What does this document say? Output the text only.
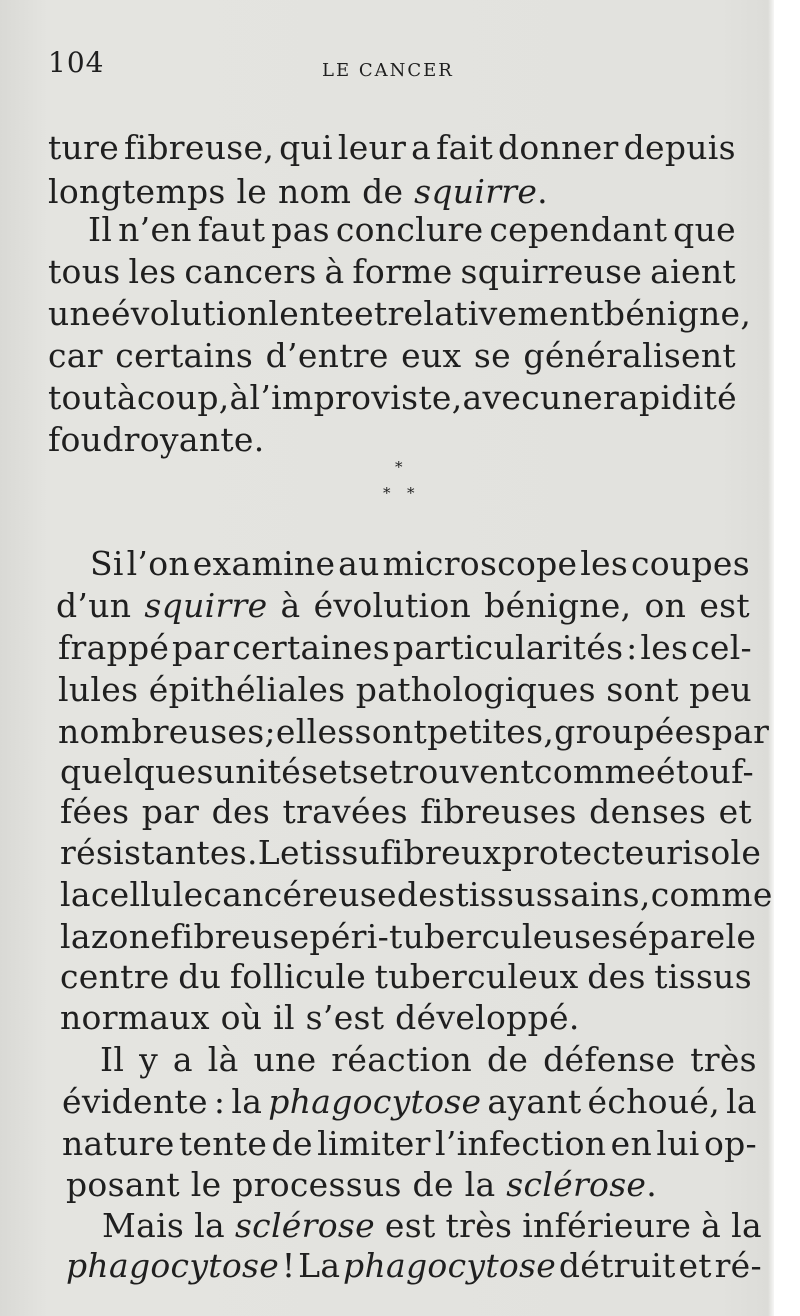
104	LE CANCER
ture fibreuse, qui leur a fait donner depuis
longtemps le nom de squirre.
Il n’en faut pas conclure cependant que
tous les cancers à forme squirreuse aient
une évolution lente et relativement bénigne,
car certains d’entre eux se généralisent
tout à coup, à l’improviste, avec une rapidité
foudroyante.
Si l’on examine au microscope les coupes
d’un squirre à évolution bénigne, on est
frappé par certaines particularités : les cel-
lules épithéliales pathologiques sont peu
nombreuses ; elles sont petites, groupées par
quelques unités et se trouvent comme étouf-
fées par des travées fibreuses denses et
résistantes. Le tissu fibreux protecteur isole
la cellule cancéreuse des tissus sains, comme
la zone fibreuse péri-tuberculeuse sépare le
centre du follicule tuberculeux des tissus
normaux où il s’est développé.
Il y a là une réaction de défense très
évidente : la phagocytose ayant échoué, la
nature tente de limiter l’infection en lui op-
posant le processus de la sclérose.
Mais la sclérose est très inférieure à la
phagocytose ! La phagocytose détruit et ré-
*
* *
